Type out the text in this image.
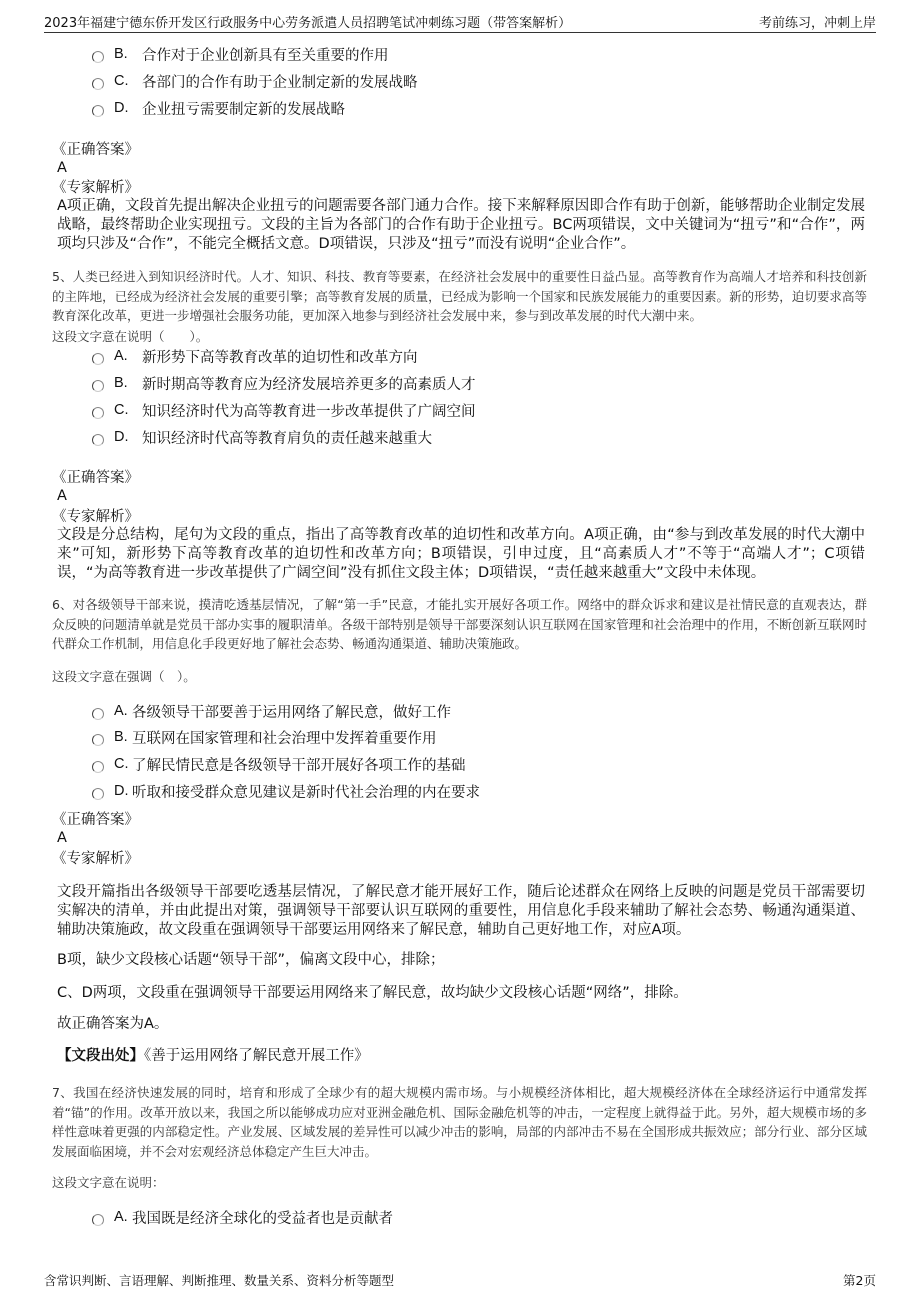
2023年福建宁德东侨开发区行政服务中心劳务派遣人员招聘笔试冲刺练习题（带答案解析）	考前练习，冲刺上岸
B. 合作对于企业创新具有至关重要的作用
C. 各部门的合作有助于企业制定新的发展战略
D. 企业扭亏需要制定新的发展战略
《正确答案》
A
《专家解析》
A项正确，文段首先提出解决企业扭亏的问题需要各部门通力合作。接下来解释原因即合作有助于创新，能够帮助企业制定发展战略，最终帮助企业实现扭亏。文段的主旨为各部门的合作有助于企业扭亏。BC两项错误，文中关键词为“扭亏”和“合作”，两项均只涉及“合作”，不能完全概括文意。D项错误，只涉及“扭亏”而没有说明“企业合作”。
5、人类已经进入到知识经济时代。人才、知识、科技、教育等要素，在经济社会发展中的重要性日益凸显。高等教育作为高端人才培养和科技创新的主阵地，已经成为经济社会发展的重要引擎；高等教育发展的质量，已经成为影响一个国家和民族发展能力的重要因素。新的形势，迫切要求高等教育深化改革，更进一步增强社会服务功能，更加深入地参与到经济社会发展中来，参与到改革发展的时代大潮中来。
这段文字意在说明（　　）。
A. 新形势下高等教育改革的迫切性和改革方向
B. 新时期高等教育应为经济发展培养更多的高素质人才
C. 知识经济时代为高等教育进一步改革提供了广阔空间
D. 知识经济时代高等教育肩负的责任越来越重大
《正确答案》
A
《专家解析》
文段是分总结构，尾句为文段的重点，指出了高等教育改革的迫切性和改革方向。A项正确，由“参与到改革发展的时代大潮中来”可知，新形势下高等教育改革的迫切性和改革方向；B项错误，引申过度，且“高素质人才”不等于“高端人才”；C项错误，“为高等教育进一步改革提供了广阔空间”没有抓住文段主体；D项错误，“责任越来越重大”文段中未体现。
6、对各级领导干部来说，摸清吃透基层情况，了解“第一手”民意，才能扎实开展好各项工作。网络中的群众诉求和建议是社情民意的直观表达，群众反映的问题清单就是党员干部办实事的履职清单。各级干部特别是领导干部要深刻认识互联网在国家管理和社会治理中的作用，不断创新互联网时代群众工作机制，用信息化手段更好地了解社会态势、畅通沟通渠道、辅助决策施政。
这段文字意在强调（　）。
A. 各级领导干部要善于运用网络了解民意，做好工作
B. 互联网在国家管理和社会治理中发挥着重要作用
C. 了解民情民意是各级领导干部开展好各项工作的基础
D. 听取和接受群众意见建议是新时代社会治理的内在要求
《正确答案》
A
《专家解析》
文段开篇指出各级领导干部要吃透基层情况，了解民意才能开展好工作，随后论述群众在网络上反映的问题是党员干部需要切实解决的清单，并由此提出对策，强调领导干部要认识互联网的重要性，用信息化手段来辅助了解社会态势、畅通沟通渠道、辅助决策施政，故文段重在强调领导干部要运用网络来了解民意，辅助自己更好地工作，对应A项。
B项，缺少文段核心话题“领导干部”，偏离文段中心，排除；
C、D两项，文段重在强调领导干部要运用网络来了解民意，故均缺少文段核心话题“网络”，排除。
故正确答案为A。
【文段出处】《善于运用网络了解民意开展工作》
7、我国在经济快速发展的同时，培育和形成了全球少有的超大规模内需市场。与小规模经济体相比，超大规模经济体在全球经济运行中通常发挥着“锚”的作用。改革开放以来，我国之所以能够成功应对亚洲金融危机、国际金融危机等的冲击，一定程度上就得益于此。另外，超大规模市场的多样性意味着更强的内部稳定性。产业发展、区域发展的差异性可以减少冲击的影响，局部的内部冲击不易在全国形成共振效应；部分行业、部分区域发展面临困境，并不会对宏观经济总体稳定产生巨大冲击。
这段文字意在说明：
A. 我国既是经济全球化的受益者也是贡献者
含常识判断、言语理解、判断推理、数量关系、资料分析等题型	第2页
